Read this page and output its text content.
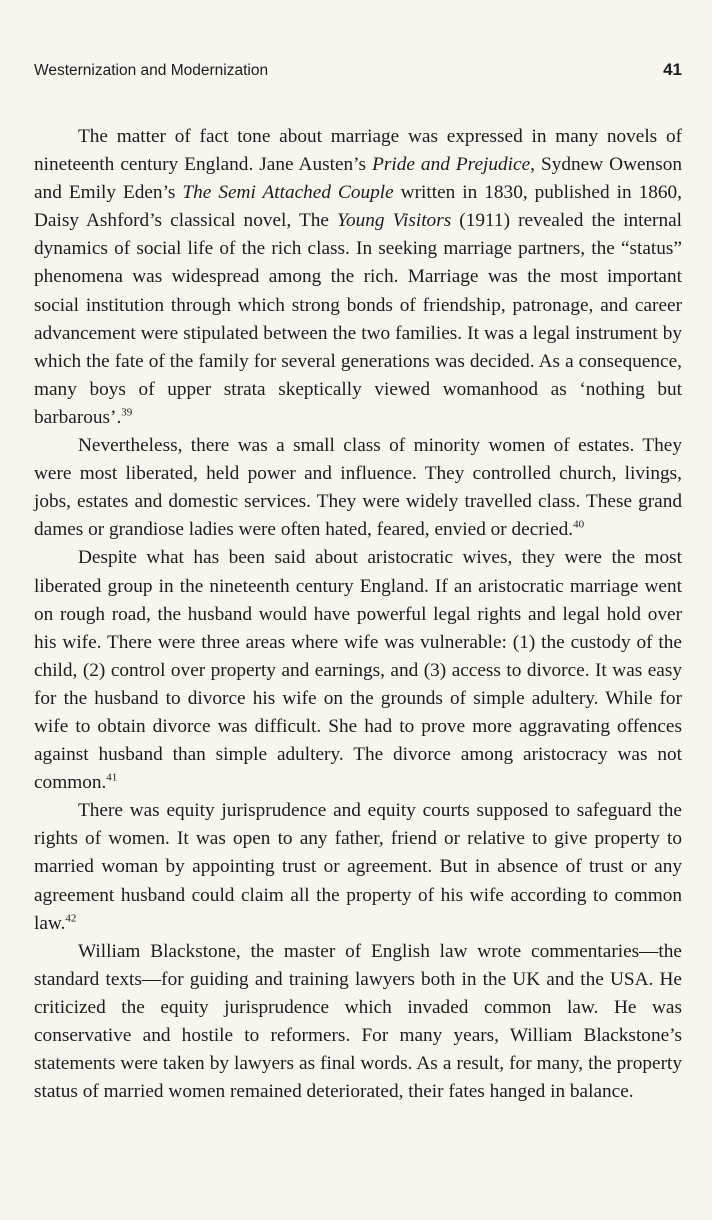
Westernization and Modernization	41

The matter of fact tone about marriage was expressed in many novels of nineteenth century England. Jane Austen’s Pride and Prejudice, Sydnew Owenson and Emily Eden’s The Semi Attached Couple written in 1830, published in 1860, Daisy Ashford’s classical novel, The Young Visitors (1911) revealed the internal dynamics of social life of the rich class. In seeking marriage partners, the “status” phenomena was widespread among the rich. Marriage was the most important social institution through which strong bonds of friendship, patronage, and career advancement were stipulated between the two families. It was a legal instrument by which the fate of the family for several generations was decided. As a consequence, many boys of upper strata skeptically viewed womanhood as ‘nothing but barbarous’.$^{39}$

Nevertheless, there was a small class of minority women of estates. They were most liberated, held power and influence. They controlled church, livings, jobs, estates and domestic services. They were widely travelled class. These grand dames or grandiose ladies were often hated, feared, envied or decried.$^{40}$

Despite what has been said about aristocratic wives, they were the most liberated group in the nineteenth century England. If an aristocratic marriage went on rough road, the husband would have powerful legal rights and legal hold over his wife. There were three areas where wife was vulnerable: (1) the custody of the child, (2) control over property and earnings, and (3) access to divorce. It was easy for the husband to divorce his wife on the grounds of simple adultery. While for wife to obtain divorce was difficult. She had to prove more aggravating offences against husband than simple adultery. The divorce among aristocracy was not common.$^{41}$

There was equity jurisprudence and equity courts supposed to safeguard the rights of women. It was open to any father, friend or relative to give property to married woman by appointing trust or agreement. But in absence of trust or any agreement husband could claim all the property of his wife according to common law.$^{42}$

William Blackstone, the master of English law wrote commentaries—the standard texts—for guiding and training lawyers both in the UK and the USA. He criticized the equity jurisprudence which invaded common law. He was conservative and hostile to reformers. For many years, William Blackstone’s statements were taken by lawyers as final words. As a result, for many, the property status of married women remained deteriorated, their fates hanged in balance.
